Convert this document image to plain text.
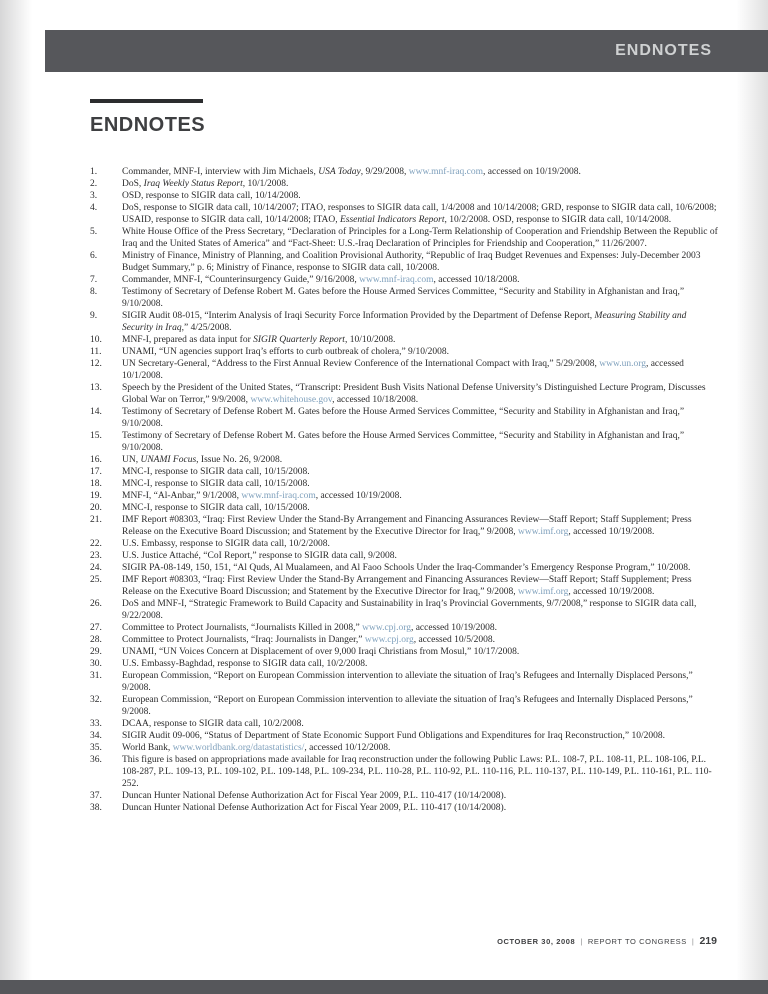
ENDNOTES
ENDNOTES
1.	Commander, MNF-I, interview with Jim Michaels, USA Today, 9/29/2008, www.mnf-iraq.com, accessed on 10/19/2008.
2.	DoS, Iraq Weekly Status Report, 10/1/2008.
3.	OSD, response to SIGIR data call, 10/14/2008.
4.	DoS, response to SIGIR data call, 10/14/2007; ITAO, responses to SIGIR data call, 1/4/2008 and 10/14/2008; GRD, response to SIGIR data call, 10/6/2008; USAID, response to SIGIR data call, 10/14/2008; ITAO, Essential Indicators Report, 10/2/2008. OSD, response to SIGIR data call, 10/14/2008.
5.	White House Office of the Press Secretary, “Declaration of Principles for a Long-Term Relationship of Cooperation and Friendship Between the Republic of Iraq and the United States of America” and “Fact-Sheet: U.S.-Iraq Declaration of Principles for Friendship and Cooperation,” 11/26/2007.
6.	Ministry of Finance, Ministry of Planning, and Coalition Provisional Authority, “Republic of Iraq Budget Revenues and Expenses: July-December 2003 Budget Summary,” p. 6; Ministry of Finance, response to SIGIR data call, 10/2008.
7.	Commander, MNF-I, “Counterinsurgency Guide,” 9/16/2008, www.mnf-iraq.com, accessed 10/18/2008.
8.	Testimony of Secretary of Defense Robert M. Gates before the House Armed Services Committee, “Security and Stability in Afghanistan and Iraq,” 9/10/2008.
9.	SIGIR Audit 08-015, “Interim Analysis of Iraqi Security Force Information Provided by the Department of Defense Report, Measuring Stability and Security in Iraq,” 4/25/2008.
10.	MNF-I, prepared as data input for SIGIR Quarterly Report, 10/10/2008.
11.	UNAMI, “UN agencies support Iraq’s efforts to curb outbreak of cholera,” 9/10/2008.
12.	UN Secretary-General, “Address to the First Annual Review Conference of the International Compact with Iraq,” 5/29/2008, www.un.org, accessed 10/1/2008.
13.	Speech by the President of the United States, “Transcript: President Bush Visits National Defense University’s Distinguished Lecture Program, Discusses Global War on Terror,” 9/9/2008, www.whitehouse.gov, accessed 10/18/2008.
14.	Testimony of Secretary of Defense Robert M. Gates before the House Armed Services Committee, “Security and Stability in Afghanistan and Iraq,” 9/10/2008.
15.	Testimony of Secretary of Defense Robert M. Gates before the House Armed Services Committee, “Security and Stability in Afghanistan and Iraq,” 9/10/2008.
16.	UN, UNAMI Focus, Issue No. 26, 9/2008.
17.	MNC-I, response to SIGIR data call, 10/15/2008.
18.	MNC-I, response to SIGIR data call, 10/15/2008.
19.	MNF-I, “Al-Anbar,” 9/1/2008, www.mnf-iraq.com, accessed 10/19/2008.
20.	MNC-I, response to SIGIR data call, 10/15/2008.
21.	IMF Report #08303, “Iraq: First Review Under the Stand-By Arrangement and Financing Assurances Review—Staff Report; Staff Supplement; Press Release on the Executive Board Discussion; and Statement by the Executive Director for Iraq,” 9/2008, www.imf.org, accessed 10/19/2008.
22.	U.S. Embassy, response to SIGIR data call, 10/2/2008.
23.	U.S. Justice Attaché, “CoI Report,” response to SIGIR data call, 9/2008.
24.	SIGIR PA-08-149, 150, 151, “Al Quds, Al Mualameen, and Al Faoo Schools Under the Iraq-Commander’s Emergency Response Program,” 10/2008.
25.	IMF Report #08303, “Iraq: First Review Under the Stand-By Arrangement and Financing Assurances Review—Staff Report; Staff Supplement; Press Release on the Executive Board Discussion; and Statement by the Executive Director for Iraq,” 9/2008, www.imf.org, accessed 10/19/2008.
26.	DoS and MNF-I, “Strategic Framework to Build Capacity and Sustainability in Iraq’s Provincial Governments, 9/7/2008,” response to SIGIR data call, 9/22/2008.
27.	Committee to Protect Journalists, “Journalists Killed in 2008,” www.cpj.org, accessed 10/19/2008.
28.	Committee to Protect Journalists, “Iraq: Journalists in Danger,” www.cpj.org, accessed 10/5/2008.
29.	UNAMI, “UN Voices Concern at Displacement of over 9,000 Iraqi Christians from Mosul,” 10/17/2008.
30.	U.S. Embassy-Baghdad, response to SIGIR data call, 10/2/2008.
31.	European Commission, “Report on European Commission intervention to alleviate the situation of Iraq’s Refugees and Internally Displaced Persons,” 9/2008.
32.	European Commission, “Report on European Commission intervention to alleviate the situation of Iraq’s Refugees and Internally Displaced Persons,” 9/2008.
33.	DCAA, response to SIGIR data call, 10/2/2008.
34.	SIGIR Audit 09-006, “Status of Department of State Economic Support Fund Obligations and Expenditures for Iraq Reconstruction,” 10/2008.
35.	World Bank, www.worldbank.org/datastatistics/, accessed 10/12/2008.
36.	This figure is based on appropriations made available for Iraq reconstruction under the following Public Laws: P.L. 108-7, P.L. 108-11, P.L. 108-106, P.L. 108-287, P.L. 109-13, P.L. 109-102, P.L. 109-148, P.L. 109-234, P.L. 110-28, P.L. 110-92, P.L. 110-116, P.L. 110-137, P.L. 110-149, P.L. 110-161, P.L. 110-252.
37.	Duncan Hunter National Defense Authorization Act for Fiscal Year 2009, P.L. 110-417 (10/14/2008).
38.	Duncan Hunter National Defense Authorization Act for Fiscal Year 2009, P.L. 110-417 (10/14/2008).
OCTOBER 30, 2008 | REPORT TO CONGRESS | 219
